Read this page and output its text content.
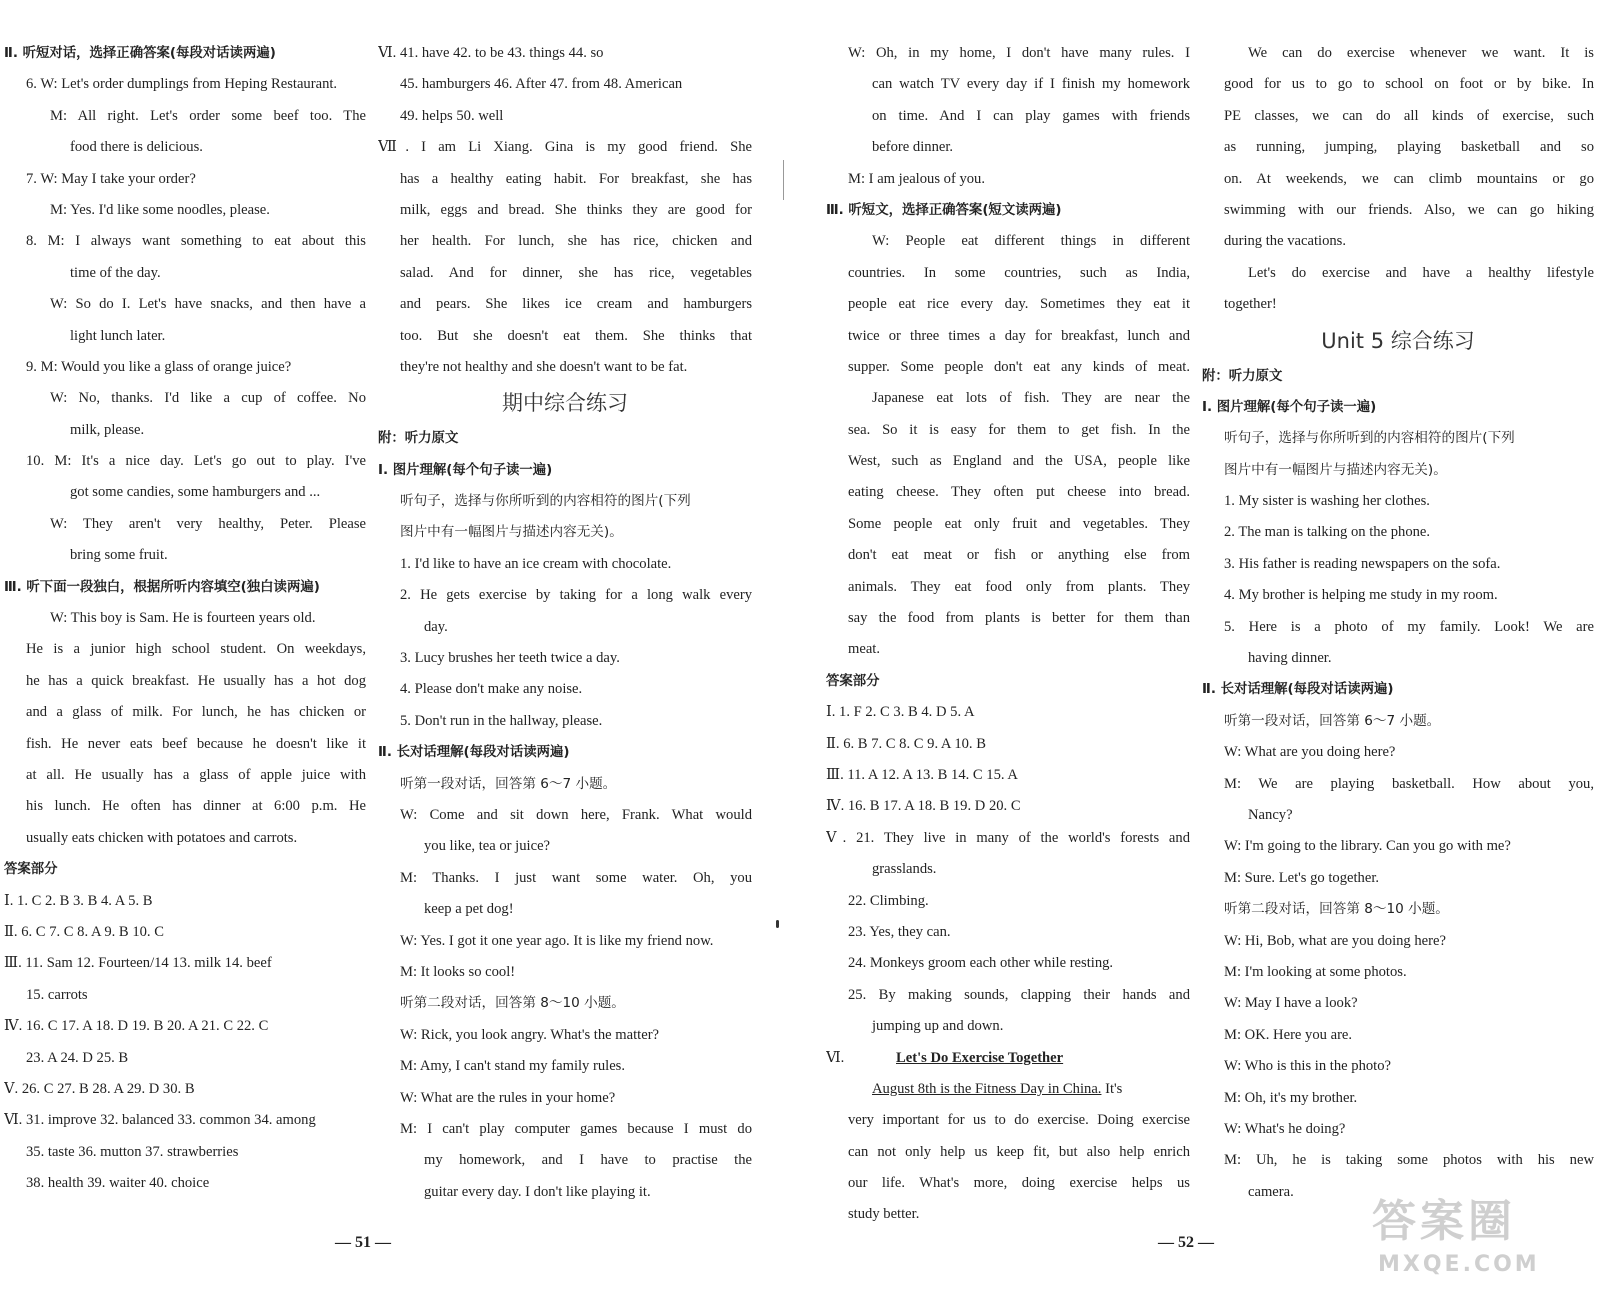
Ⅱ. 听短对话，选择正确答案(每段对话读两遍)
6. W: Let's order dumplings from Heping Restaurant.
M: All right. Let's order some beef too. The
food there is delicious.
7. W: May I take your order?
M: Yes. I'd like some noodles, please.
8. M: I always want something to eat about this
time of the day.
W: So do I. Let's have snacks, and then have a
light lunch later.
9. M: Would you like a glass of orange juice?
W: No, thanks. I'd like a cup of coffee. No
milk, please.
10. M: It's a nice day. Let's go out to play. I've
got some candies, some hamburgers and ...
W: They aren't very healthy, Peter. Please
bring some fruit.
Ⅲ. 听下面一段独白，根据所听内容填空(独白读两遍)
W: This boy is Sam. He is fourteen years old.
He is a junior high school student. On weekdays,
he has a quick breakfast. He usually has a hot dog
and a glass of milk. For lunch, he has chicken or
fish. He never eats beef because he doesn't like it
at all. He usually has a glass of apple juice with
his lunch. He often has dinner at 6:00 p.m. He
usually eats chicken with potatoes and carrots.
答案部分
Ⅰ. 1. C 2. B 3. B 4. A 5. B
Ⅱ. 6. C 7. C 8. A 9. B 10. C
Ⅲ. 11. Sam 12. Fourteen/14 13. milk 14. beef
15. carrots
Ⅳ. 16. C 17. A 18. D 19. B 20. A 21. C 22. C
23. A 24. D 25. B
Ⅴ. 26. C 27. B 28. A 29. D 30. B
Ⅵ. 31. improve 32. balanced 33. common 34. among
35. taste 36. mutton 37. strawberries
38. health 39. waiter 40. choice
Ⅵ. 41. have 42. to be 43. things 44. so
45. hamburgers 46. After 47. from 48. American
49. helps 50. well
Ⅶ. I am Li Xiang. Gina is my good friend. She
has a healthy eating habit. For breakfast, she has
milk, eggs and bread. She thinks they are good for
her health. For lunch, she has rice, chicken and
salad. And for dinner, she has rice, vegetables
and pears. She likes ice cream and hamburgers
too. But she doesn't eat them. She thinks that
they're not healthy and she doesn't want to be fat.
期中综合练习
附：听力原文
Ⅰ. 图片理解(每个句子读一遍)
听句子，选择与你所听到的内容相符的图片(下列
图片中有一幅图片与描述内容无关)。
1. I'd like to have an ice cream with chocolate.
2. He gets exercise by taking for a long walk every
day.
3. Lucy brushes her teeth twice a day.
4. Please don't make any noise.
5. Don't run in the hallway, please.
Ⅱ. 长对话理解(每段对话读两遍)
听第一段对话，回答第 6～7 小题。
W: Come and sit down here, Frank. What would
you like, tea or juice?
M: Thanks. I just want some water. Oh, you
keep a pet dog!
W: Yes. I got it one year ago. It is like my friend now.
M: It looks so cool!
听第二段对话，回答第 8～10 小题。
W: Rick, you look angry. What's the matter?
M: Amy, I can't stand my family rules.
W: What are the rules in your home?
M: I can't play computer games because I must do
my homework, and I have to practise the
guitar every day. I don't like playing it.
W: Oh, in my home, I don't have many rules. I
can watch TV every day if I finish my homework
on time. And I can play games with friends
before dinner.
M: I am jealous of you.
Ⅲ. 听短文，选择正确答案(短文读两遍)
W: People eat different things in different
countries. In some countries, such as India,
people eat rice every day. Sometimes they eat it
twice or three times a day for breakfast, lunch and
supper. Some people don't eat any kinds of meat.
Japanese eat lots of fish. They are near the
sea. So it is easy for them to get fish. In the
West, such as England and the USA, people like
eating cheese. They often put cheese into bread.
Some people eat only fruit and vegetables. They
don't eat meat or fish or anything else from
animals. They eat food only from plants. They
say the food from plants is better for them than
meat.
答案部分
Ⅰ. 1. F 2. C 3. B 4. D 5. A
Ⅱ. 6. B 7. C 8. C 9. A 10. B
Ⅲ. 11. A 12. A 13. B 14. C 15. A
Ⅳ. 16. B 17. A 18. B 19. D 20. C
Ⅴ. 21. They live in many of the world's forests and
grasslands.
22. Climbing.
23. Yes, they can.
24. Monkeys groom each other while resting.
25. By making sounds, clapping their hands and
jumping up and down.
Ⅵ.	Let's Do Exercise Together
August 8th is the Fitness Day in China. It's
very important for us to do exercise. Doing exercise
can not only help us keep fit, but also help enrich
our life. What's more, doing exercise helps us
study better.
We can do exercise whenever we want. It is
good for us to go to school on foot or by bike. In
PE classes, we can do all kinds of exercise, such
as running, jumping, playing basketball and so
on. At weekends, we can climb mountains or go
swimming with our friends. Also, we can go hiking
during the vacations.
Let's do exercise and have a healthy lifestyle
together!
Unit 5 综合练习
附：听力原文
Ⅰ. 图片理解(每个句子读一遍)
听句子，选择与你所听到的内容相符的图片(下列
图片中有一幅图片与描述内容无关)。
1. My sister is washing her clothes.
2. The man is talking on the phone.
3. His father is reading newspapers on the sofa.
4. My brother is helping me study in my room.
5. Here is a photo of my family. Look! We are
having dinner.
Ⅱ. 长对话理解(每段对话读两遍)
听第一段对话，回答第 6～7 小题。
W: What are you doing here?
M: We are playing basketball. How about you,
Nancy?
W: I'm going to the library. Can you go with me?
M: Sure. Let's go together.
听第二段对话，回答第 8～10 小题。
W: Hi, Bob, what are you doing here?
M: I'm looking at some photos.
W: May I have a look?
M: OK. Here you are.
W: Who is this in the photo?
M: Oh, it's my brother.
W: What's he doing?
M: Uh, he is taking some photos with his new
camera.
— 51 —	— 52 —	答案圈
MXQE.COM
